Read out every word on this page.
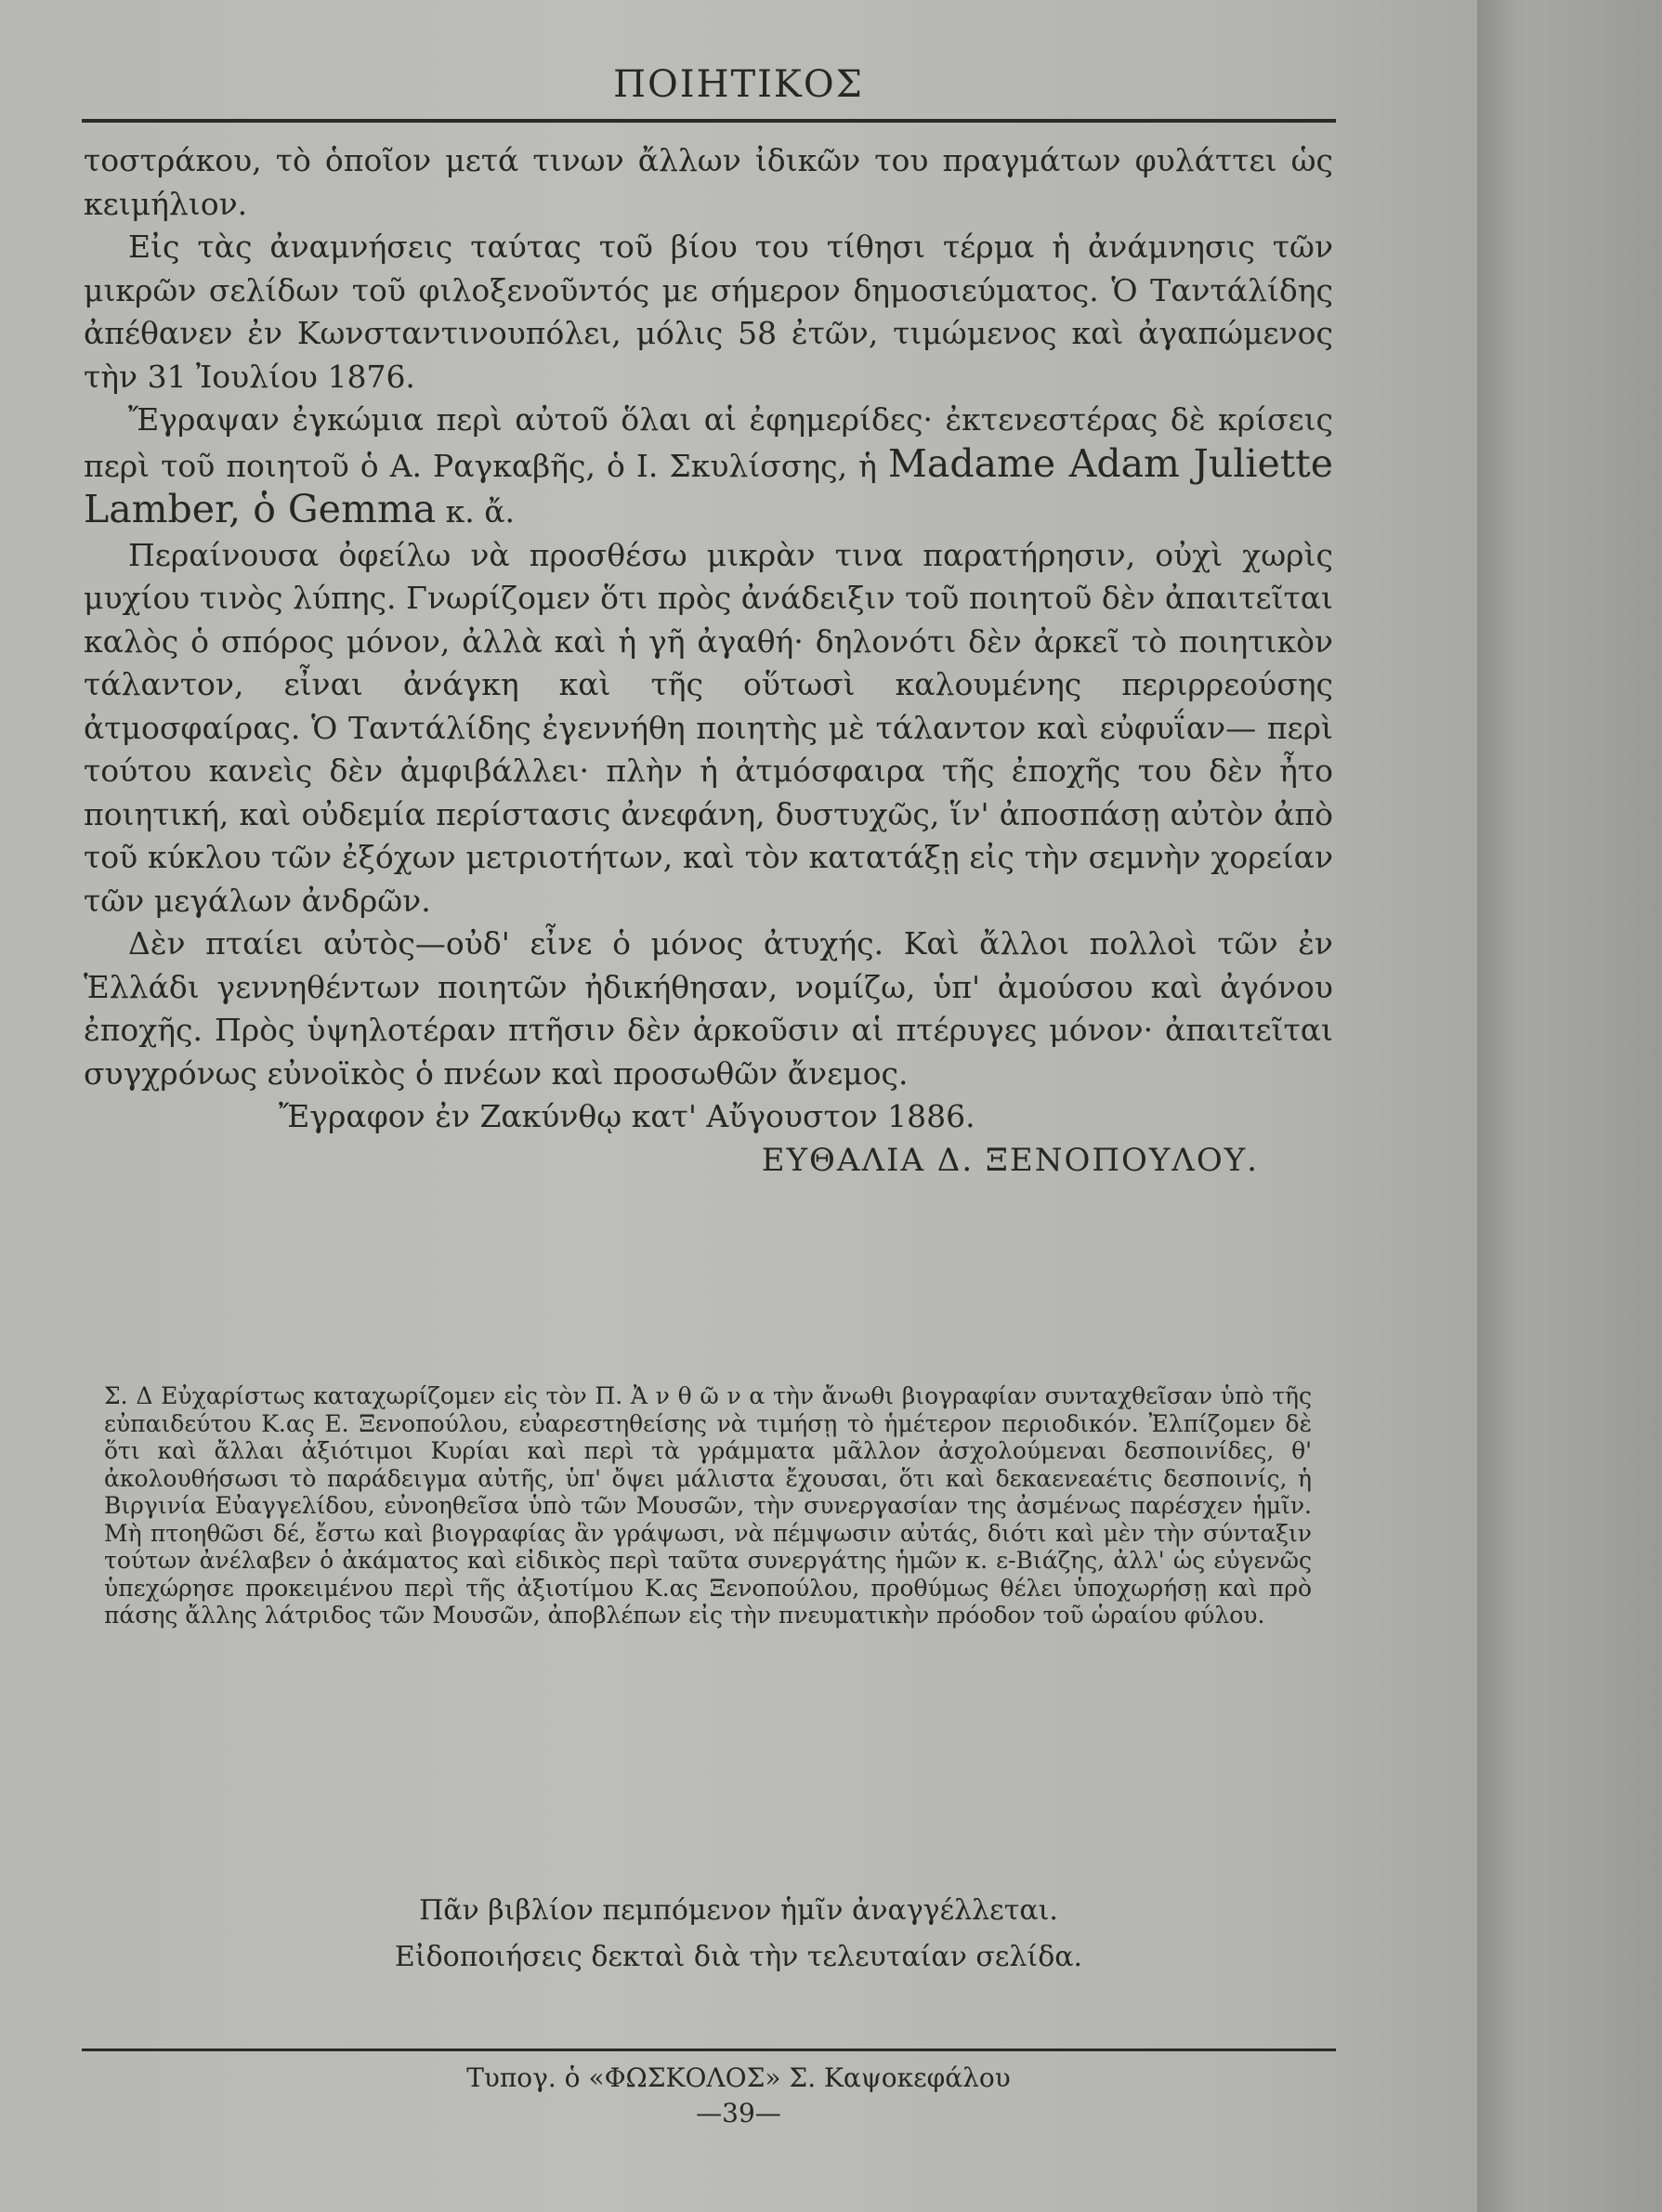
ΠΟΙΗΤΙΚΟΣ

τοστράκου, τὸ ὁποῖον μετά τινων ἄλλων ἰδικῶν του πραγμάτων φυλάττει ὡς κειμήλιον.

Εἰς τὰς ἀναμνήσεις ταύτας τοῦ βίου του τίθησι τέρμα ἡ ἀνάμνησις τῶν μικρῶν σελίδων τοῦ φιλοξενοῦντός με σήμερον δημοσιεύματος. Ὁ Ταντάλίδης ἀπέθανεν ἐν Κωνσταντινουπόλει, μόλις 58 ἐτῶν, τιμώμενος καὶ ἀγαπώμενος τὴν 31 Ἰουλίου 1876.

Ἔγραψαν ἐγκώμια περὶ αὐτοῦ ὅλαι αἱ ἐφημερίδες· ἐκτενεστέρας δὲ κρίσεις περὶ τοῦ ποιητοῦ ὁ Α. Ραγκαβῆς, ὁ Ι. Σκυλίσσης, ἡ Madame Adam Juliette Lamber, ὁ Gemma κ. ἄ.

Περαίνουσα ὀφείλω νὰ προσθέσω μικρὰν τινα παρατήρησιν, οὐχὶ χωρὶς μυχίου τινὸς λύπης. Γνωρίζομεν ὅτι πρὸς ἀνάδειξιν τοῦ ποιητοῦ δὲν ἀπαιτεῖται καλὸς ὁ σπόρος μόνον, ἀλλὰ καὶ ἡ γῆ ἀγαθή· δηλονότι δὲν ἀρκεῖ τὸ ποιητικὸν τάλαντον, εἶναι ἀνάγκη καὶ τῆς οὕτωσὶ καλουμένης περιρρεούσης ἀτμοσφαίρας. Ὁ Ταντάλίδης ἐγεννήθη ποιητὴς μὲ τάλαντον καὶ εὐφυΐαν— περὶ τούτου κανεὶς δὲν ἀμφιβάλλει· πλὴν ἡ ἀτμόσφαιρα τῆς ἐποχῆς του δὲν ἦτο ποιητική, καὶ οὐδεμία περίστασις ἀνεφάνη, δυστυχῶς, ἵν' ἀποσπάσῃ αὐτὸν ἀπὸ τοῦ κύκλου τῶν ἐξόχων μετριοτήτων, καὶ τὸν κατατάξῃ εἰς τὴν σεμνὴν χορείαν τῶν μεγάλων ἀνδρῶν.

Δὲν πταίει αὐτὸς—οὐδ' εἶνε ὁ μόνος ἀτυχής. Καὶ ἄλλοι πολλοὶ τῶν ἐν Ἑλλάδι γεννηθέντων ποιητῶν ἠδικήθησαν, νομίζω, ὑπ' ἀμούσου καὶ ἀγόνου ἐποχῆς. Πρὸς ὑψηλοτέραν πτῆσιν δὲν ἀρκοῦσιν αἱ πτέρυγες μόνον· ἀπαιτεῖται συγχρόνως εὐνοϊκὸς ὁ πνέων καὶ προσωθῶν ἄνεμος.

Ἔγραφον ἐν Ζακύνθῳ κατ' Αὔγουστον 1886.

ΕΥΘΑΛΙΑ Δ. ΞΕΝΟΠΟΥΛΟΥ.

Σ. Δ Εὐχαρίστως καταχωρίζομεν εἰς τὸν Π. Ἀ ν θ ῶ ν α τὴν ἄνωθι βιογραφίαν συνταχθεῖσαν ὑπὸ τῆς εὐπαιδεύτου Κ.ας Ε. Ξενοπούλου, εὐαρεστηθείσης νὰ τιμήσῃ τὸ ἡμέτερον περιοδικόν. Ἐλπίζομεν δὲ ὅτι καὶ ἄλλαι ἀξιότιμοι Κυρίαι καὶ περὶ τὰ γράμματα μᾶλλον ἀσχολούμεναι δεσποινίδες, θ' ἀκολουθήσωσι τὸ παράδειγμα αὐτῆς, ὑπ' ὄψει μάλιστα ἔχουσαι, ὅτι καὶ δεκαενεαέτις δεσποινίς, ἡ Βιργινία Εὐαγγελίδου, εὐνοηθεῖσα ὑπὸ τῶν Μουσῶν, τὴν συνεργασίαν της ἀσμένως παρέσχεν ἡμῖν. Μὴ πτοηθῶσι δέ, ἔστω καὶ βιογραφίας ἂν γράψωσι, νὰ πέμψωσιν αὐτάς, διότι καὶ μὲν τὴν σύνταξιν τούτων ἀνέλαβεν ὁ ἀκάματος καὶ εἰδικὸς περὶ ταῦτα συνεργάτης ἡμῶν κ. ε-Βιάζης, ἀλλ' ὡς εὐγενῶς ὑπεχώρησε προκειμένου περὶ τῆς ἀξιοτίμου Κ.ας Ξενοπούλου, προθύμως θέλει ὑποχωρήσῃ καὶ πρὸ πάσης ἄλλης λάτριδος τῶν Μουσῶν, ἀποβλέπων εἰς τὴν πνευματικὴν πρόοδον τοῦ ὡραίου φύλου.

Πᾶν βιβλίον πεμπόμενον ἡμῖν ἀναγγέλλεται.

Εἰδοποιήσεις δεκταὶ διὰ τὴν τελευταίαν σελίδα.

Τυπογ. ὁ «ΦΩΣΚΟΛΟΣ» Σ. Καψοκεφάλου

—39—
